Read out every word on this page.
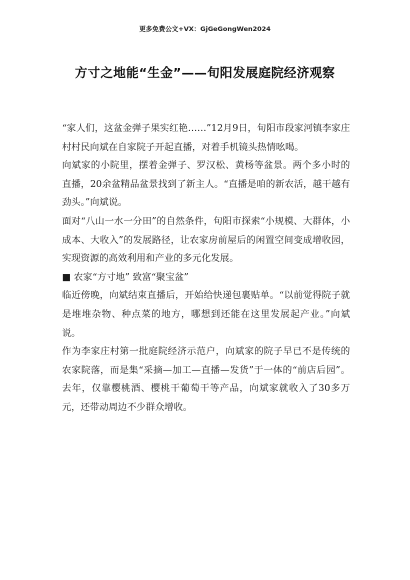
更多免费公文+VX：GjGeGongWen2024
方寸之地能“生金”——旬阳发展庭院经济观察

“家人们，这盆金弹子果实红艳……”12月9日，旬阳市段家河镇李家庄村村民向斌在自家院子开起直播，对着手机镜头热情吆喝。

向斌家的小院里，摆着金弹子、罗汉松、黄杨等盆景。两个多小时的直播，20余盆精品盆景找到了新主人。“直播是咱的新农活，越干越有劲头。”向斌说。

面对“八山一水一分田”的自然条件，旬阳市探索“小规模、大群体，小成本、大收入”的发展路径，让农家房前屋后的闲置空间变成增收园，实现资源的高效利用和产业的多元化发展。

■ 农家“方寸地” 致富“聚宝盆”

临近傍晚，向斌结束直播后，开始给快递包裹贴单。“以前觉得院子就是堆堆杂物、种点菜的地方，哪想到还能在这里发展起产业。”向斌说。

作为李家庄村第一批庭院经济示范户，向斌家的院子早已不是传统的农家院落，而是集“采摘—加工—直播—发货”于一体的“前店后园”。去年，仅靠樱桃酒、樱桃干葡萄干等产品，向斌家就收入了30多万元，还带动周边不少群众增收。
